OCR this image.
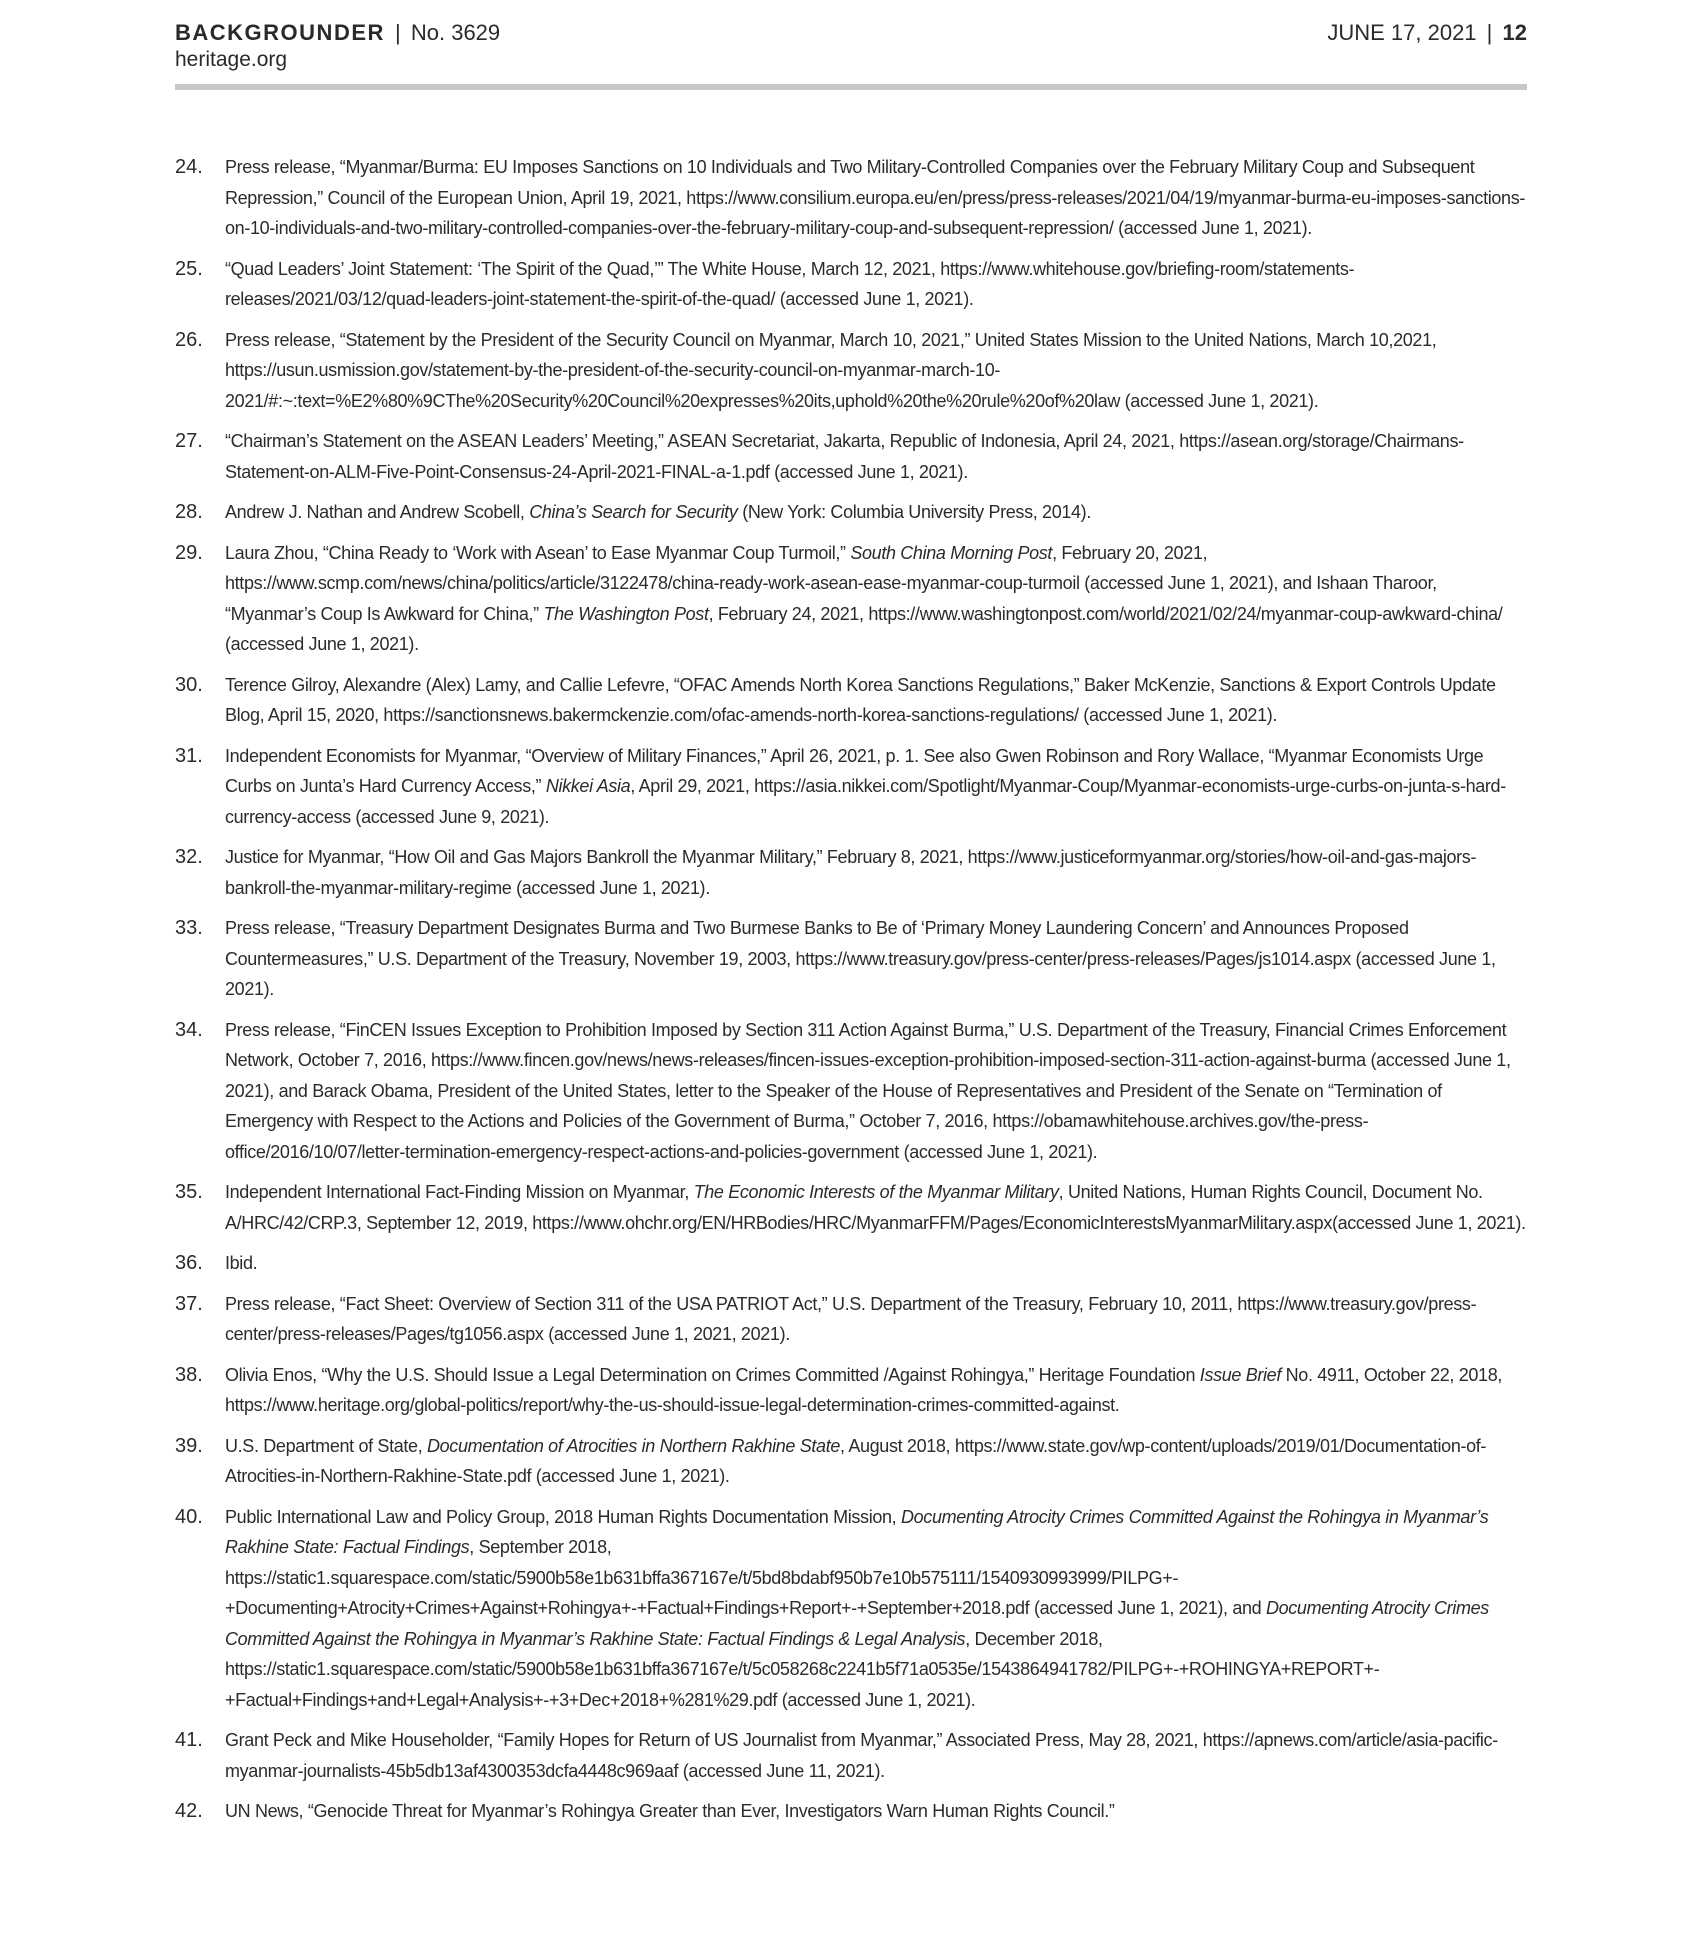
BACKGROUNDER | No. 3629
heritage.org
JUNE 17, 2021 | 12
24.	Press release, “Myanmar/Burma: EU Imposes Sanctions on 10 Individuals and Two Military-Controlled Companies over the February Military Coup and Subsequent Repression,” Council of the European Union, April 19, 2021, https://www.consilium.europa.eu/en/press/press-releases/2021/04/19/myanmar-burma-eu-imposes-sanctions-on-10-individuals-and-two-military-controlled-companies-over-the-february-military-coup-and-subsequent-repression/ (accessed June 1, 2021).
25.	“Quad Leaders’ Joint Statement: ‘The Spirit of the Quad,’” The White House, March 12, 2021, https://www.whitehouse.gov/briefing-room/statements-releases/2021/03/12/quad-leaders-joint-statement-the-spirit-of-the-quad/ (accessed June 1, 2021).
26.	Press release, “Statement by the President of the Security Council on Myanmar, March 10, 2021,” United States Mission to the United Nations, March 10,2021, https://usun.usmission.gov/statement-by-the-president-of-the-security-council-on-myanmar-march-10-2021/#:~:text=%E2%80%9CThe%20Security%20Council%20expresses%20its,uphold%20the%20rule%20of%20law (accessed June 1, 2021).
27.	“Chairman’s Statement on the ASEAN Leaders’ Meeting,” ASEAN Secretariat, Jakarta, Republic of Indonesia, April 24, 2021, https://asean.org/storage/Chairmans-Statement-on-ALM-Five-Point-Consensus-24-April-2021-FINAL-a-1.pdf (accessed June 1, 2021).
28.	Andrew J. Nathan and Andrew Scobell, China’s Search for Security (New York: Columbia University Press, 2014).
29.	Laura Zhou, “China Ready to ‘Work with Asean’ to Ease Myanmar Coup Turmoil,” South China Morning Post, February 20, 2021, https://www.scmp.com/news/china/politics/article/3122478/china-ready-work-asean-ease-myanmar-coup-turmoil (accessed June 1, 2021), and Ishaan Tharoor, “Myanmar’s Coup Is Awkward for China,” The Washington Post, February 24, 2021, https://www.washingtonpost.com/world/2021/02/24/myanmar-coup-awkward-china/ (accessed June 1, 2021).
30.	Terence Gilroy, Alexandre (Alex) Lamy, and Callie Lefevre, “OFAC Amends North Korea Sanctions Regulations,” Baker McKenzie, Sanctions & Export Controls Update Blog, April 15, 2020, https://sanctionsnews.bakermckenzie.com/ofac-amends-north-korea-sanctions-regulations/ (accessed June 1, 2021).
31.	Independent Economists for Myanmar, “Overview of Military Finances,” April 26, 2021, p. 1. See also Gwen Robinson and Rory Wallace, “Myanmar Economists Urge Curbs on Junta’s Hard Currency Access,” Nikkei Asia, April 29, 2021, https://asia.nikkei.com/Spotlight/Myanmar-Coup/Myanmar-economists-urge-curbs-on-junta-s-hard-currency-access (accessed June 9, 2021).
32.	Justice for Myanmar, “How Oil and Gas Majors Bankroll the Myanmar Military,” February 8, 2021, https://www.justiceformyanmar.org/stories/how-oil-and-gas-majors-bankroll-the-myanmar-military-regime (accessed June 1, 2021).
33.	Press release, “Treasury Department Designates Burma and Two Burmese Banks to Be of ‘Primary Money Laundering Concern’ and Announces Proposed Countermeasures,” U.S. Department of the Treasury, November 19, 2003, https://www.treasury.gov/press-center/press-releases/Pages/js1014.aspx (accessed June 1, 2021).
34.	Press release, “FinCEN Issues Exception to Prohibition Imposed by Section 311 Action Against Burma,” U.S. Department of the Treasury, Financial Crimes Enforcement Network, October 7, 2016, https://www.fincen.gov/news/news-releases/fincen-issues-exception-prohibition-imposed-section-311-action-against-burma (accessed June 1, 2021), and Barack Obama, President of the United States, letter to the Speaker of the House of Representatives and President of the Senate on “Termination of Emergency with Respect to the Actions and Policies of the Government of Burma,” October 7, 2016, https://obamawhitehouse.archives.gov/the-press-office/2016/10/07/letter-termination-emergency-respect-actions-and-policies-government (accessed June 1, 2021).
35.	Independent International Fact-Finding Mission on Myanmar, The Economic Interests of the Myanmar Military, United Nations, Human Rights Council, Document No. A/HRC/42/CRP.3, September 12, 2019, https://www.ohchr.org/EN/HRBodies/HRC/MyanmarFFM/Pages/EconomicInterestsMyanmarMilitary.aspx(accessed June 1, 2021).
36.	Ibid.
37.	Press release, “Fact Sheet: Overview of Section 311 of the USA PATRIOT Act,” U.S. Department of the Treasury, February 10, 2011, https://www.treasury.gov/press-center/press-releases/Pages/tg1056.aspx (accessed June 1, 2021, 2021).
38.	Olivia Enos, “Why the U.S. Should Issue a Legal Determination on Crimes Committed /Against Rohingya,” Heritage Foundation Issue Brief No. 4911, October 22, 2018, https://www.heritage.org/global-politics/report/why-the-us-should-issue-legal-determination-crimes-committed-against.
39.	U.S. Department of State, Documentation of Atrocities in Northern Rakhine State, August 2018, https://www.state.gov/wp-content/uploads/2019/01/Documentation-of-Atrocities-in-Northern-Rakhine-State.pdf (accessed June 1, 2021).
40.	Public International Law and Policy Group, 2018 Human Rights Documentation Mission, Documenting Atrocity Crimes Committed Against the Rohingya in Myanmar’s Rakhine State: Factual Findings, September 2018, https://static1.squarespace.com/static/5900b58e1b631bffa367167e/t/5bd8bdabf950b7e10b575111/1540930993999/PILPG+-+Documenting+Atrocity+Crimes+Against+Rohingya+-+Factual+Findings+Report+-+September+2018.pdf (accessed June 1, 2021), and Documenting Atrocity Crimes Committed Against the Rohingya in Myanmar’s Rakhine State: Factual Findings & Legal Analysis, December 2018, https://static1.squarespace.com/static/5900b58e1b631bffa367167e/t/5c058268c2241b5f71a0535e/1543864941782/PILPG+-+ROHINGYA+REPORT+-+Factual+Findings+and+Legal+Analysis+-+3+Dec+2018+%281%29.pdf (accessed June 1, 2021).
41.	Grant Peck and Mike Householder, “Family Hopes for Return of US Journalist from Myanmar,” Associated Press, May 28, 2021, https://apnews.com/article/asia-pacific-myanmar-journalists-45b5db13af4300353dcfa4448c969aaf (accessed June 11, 2021).
42.	UN News, “Genocide Threat for Myanmar’s Rohingya Greater than Ever, Investigators Warn Human Rights Council.”
